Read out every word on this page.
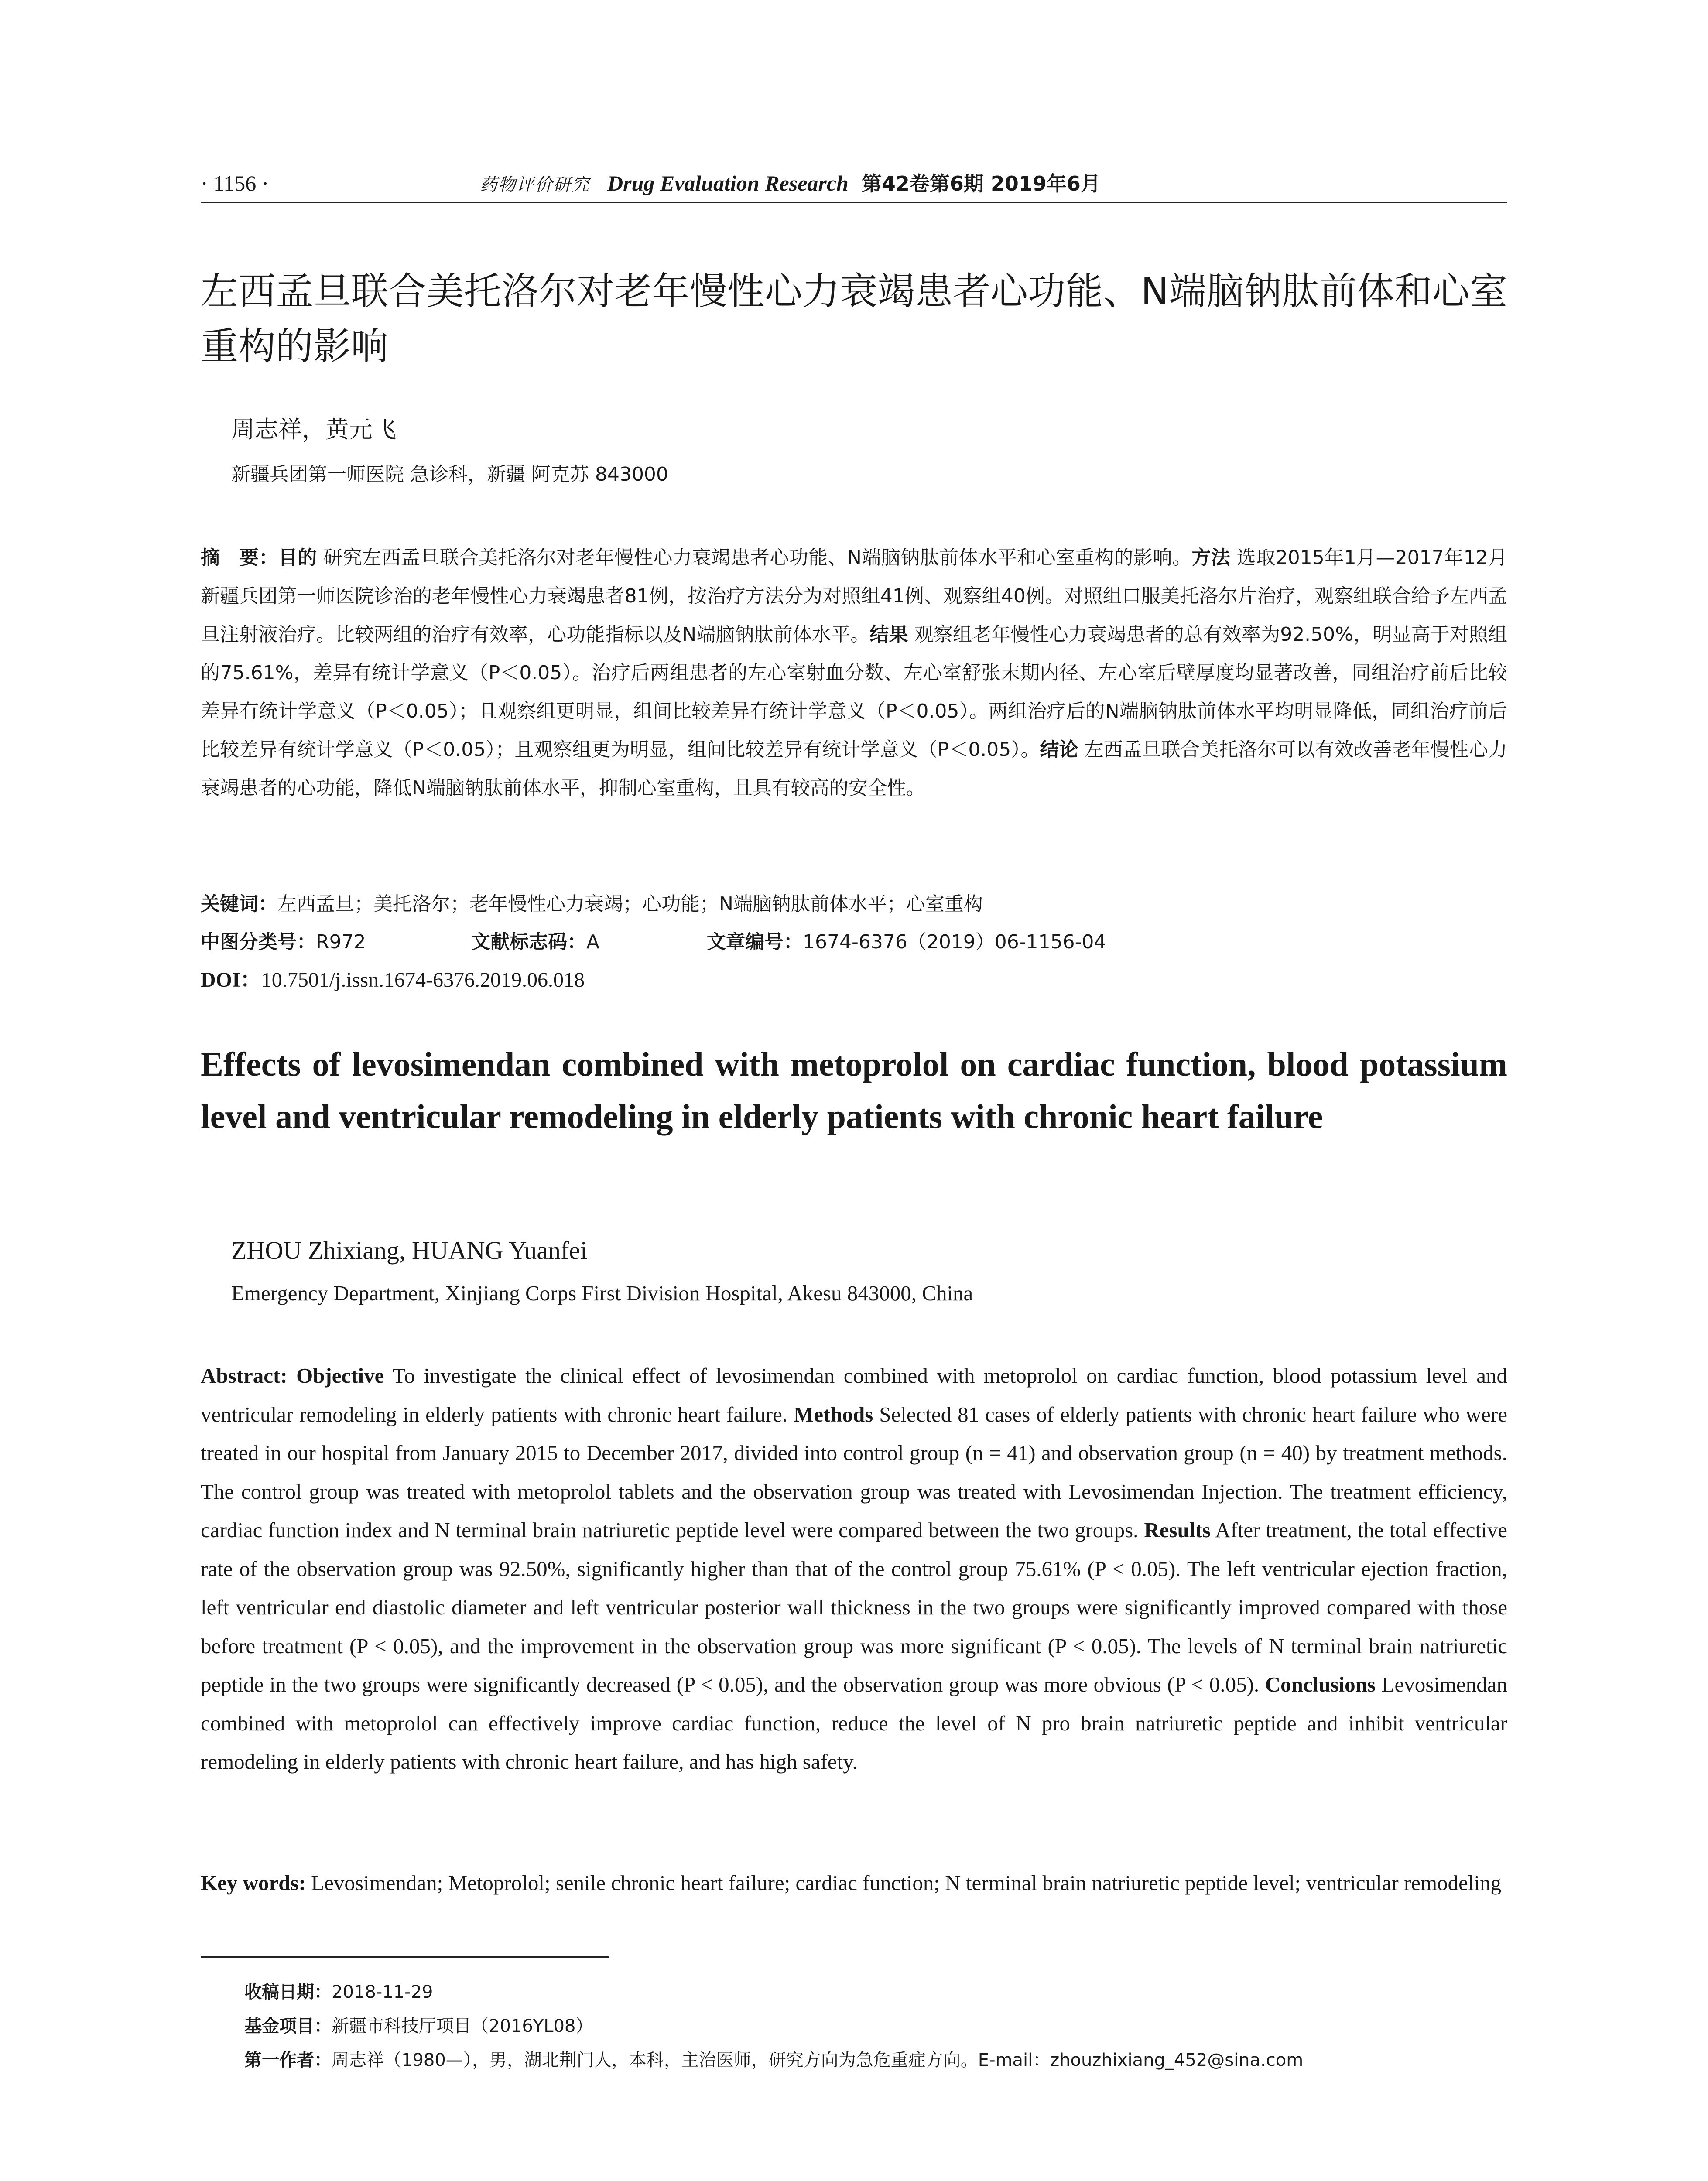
· 1156 ·	药物评价研究 Drug Evaluation Research 第42卷第6期 2019年6月
左西孟旦联合美托洛尔对老年慢性心力衰竭患者心功能、N端脑钠肽前体和心室重构的影响
周志祥，黄元飞
新疆兵团第一师医院 急诊科，新疆 阿克苏 843000

摘　要：目的 研究左西孟旦联合美托洛尔对老年慢性心力衰竭患者心功能、N端脑钠肽前体水平和心室重构的影响。方法 选取2015年1月—2017年12月新疆兵团第一师医院诊治的老年慢性心力衰竭患者81例，按治疗方法分为对照组41例、观察组40例。对照组口服美托洛尔片治疗，观察组联合给予左西孟旦注射液治疗。比较两组的治疗有效率，心功能指标以及N端脑钠肽前体水平。结果 观察组老年慢性心力衰竭患者的总有效率为92.50%，明显高于对照组的75.61%，差异有统计学意义（P＜0.05）。治疗后两组患者的左心室射血分数、左心室舒张末期内径、左心室后壁厚度均显著改善，同组治疗前后比较差异有统计学意义（P＜0.05）；且观察组更明显，组间比较差异有统计学意义（P＜0.05）。两组治疗后的N端脑钠肽前体水平均明显降低，同组治疗前后比较差异有统计学意义（P＜0.05）；且观察组更为明显，组间比较差异有统计学意义（P＜0.05）。结论 左西孟旦联合美托洛尔可以有效改善老年慢性心力衰竭患者的心功能，降低N端脑钠肽前体水平，抑制心室重构，且具有较高的安全性。

关键词：左西孟旦；美托洛尔；老年慢性心力衰竭；心功能；N端脑钠肽前体水平；心室重构
中图分类号：R972	文献标志码：A	文章编号：1674-6376（2019）06-1156-04
DOI：10.7501/j.issn.1674-6376.2019.06.018
Effects of levosimendan combined with metoprolol on cardiac function, blood potassium level and ventricular remodeling in elderly patients with chronic heart failure
ZHOU Zhixiang, HUANG Yuanfei
Emergency Department, Xinjiang Corps First Division Hospital, Akesu 843000, China

Abstract: Objective To investigate the clinical effect of levosimendan combined with metoprolol on cardiac function, blood potassium level and ventricular remodeling in elderly patients with chronic heart failure. Methods Selected 81 cases of elderly patients with chronic heart failure who were treated in our hospital from January 2015 to December 2017, divided into control group (n = 41) and observation group (n = 40) by treatment methods. The control group was treated with metoprolol tablets and the observation group was treated with Levosimendan Injection. The treatment efficiency, cardiac function index and N terminal brain natriuretic peptide level were compared between the two groups. Results After treatment, the total effective rate of the observation group was 92.50%, significantly higher than that of the control group 75.61% (P < 0.05). The left ventricular ejection fraction, left ventricular end diastolic diameter and left ventricular posterior wall thickness in the two groups were significantly improved compared with those before treatment (P < 0.05), and the improvement in the observation group was more significant (P < 0.05). The levels of N terminal brain natriuretic peptide in the two groups were significantly decreased (P < 0.05), and the observation group was more obvious (P < 0.05). Conclusions Levosimendan combined with metoprolol can effectively improve cardiac function, reduce the level of N pro brain natriuretic peptide and inhibit ventricular remodeling in elderly patients with chronic heart failure, and has high safety.

Key words: Levosimendan; Metoprolol; senile chronic heart failure; cardiac function; N terminal brain natriuretic peptide level; ventricular remodeling

收稿日期：2018-11-29
基金项目：新疆市科技厅项目（2016YL08）
第一作者：周志祥（1980—），男，湖北荆门人，本科，主治医师，研究方向为急危重症方向。E-mail：zhouzhixiang_452@sina.com
